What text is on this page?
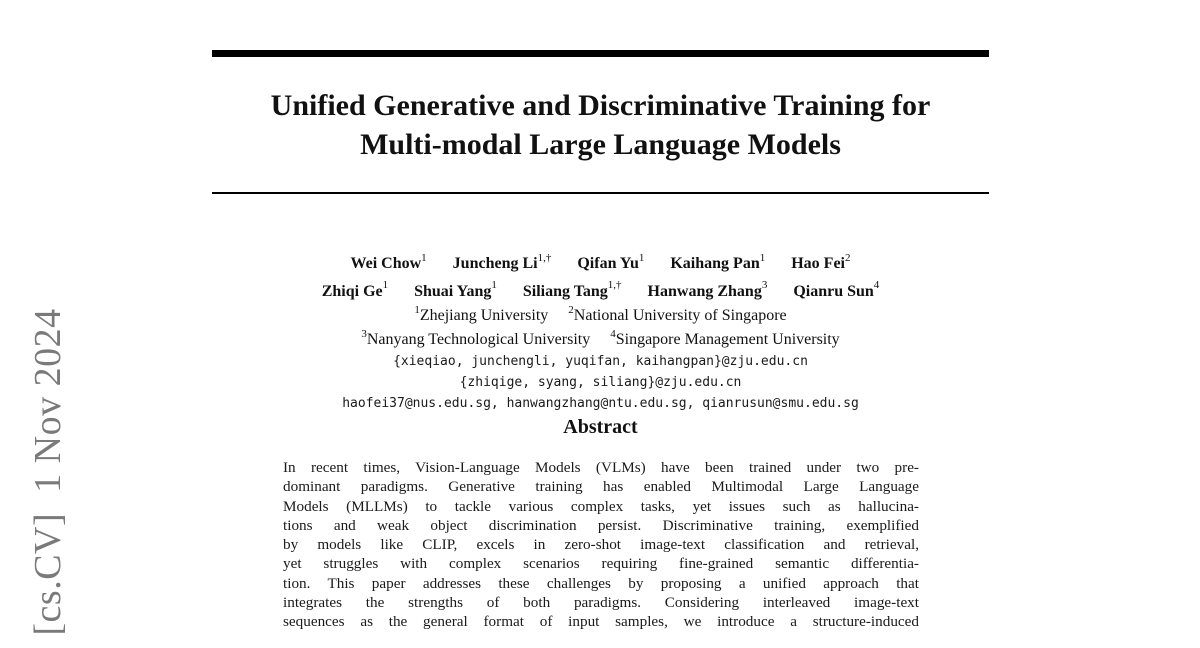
Unified Generative and Discriminative Training for
Multi-modal Large Language Models
Wei Chow$^1$ Juncheng $Li^{1,\dagger}$ Qifan Yu$^1$ Kaihang Pan$^1$ Hao Fei$^2$
Zhiqi Ge$^1$ Shuai Yang$^1$ Siliang Tang$^{1,\dagger}$ Hanwang Zhang$^3$ Qianru Sun$^4$
$^1$Zhejiang University $^2$National University of Singapore
$^3$Nanyang Technological University $^4$Singapore Management University
{xieqiao, junchengli, yuqifan, kaihangpan}@zju.edu.cn
{zhiqige, syang, siliang}@zju.edu.cn
haofei37@nus.edu.sg, hanwangzhang@ntu.edu.sg, qianrusun@smu.edu.sg
Abstract
In recent times, Vision-Language Models (VLMs) have been trained under two pre-
dominant paradigms. Generative training has enabled Multimodal Large Language
Models (MLLMs) to tackle various complex tasks, yet issues such as hallucina-
tions and weak object discrimination persist. Discriminative training, exemplified
by models like CLIP, excels in zero-shot image-text classification and retrieval,
yet struggles with complex scenarios requiring fine-grained semantic differentia-
tion. This paper addresses these challenges by proposing a unified approach that
integrates the strengths of both paradigms. Considering interleaved image-text
sequences as the general format of input samples, we introduce a structure-induced
[cs.CV]  1 Nov 2024
